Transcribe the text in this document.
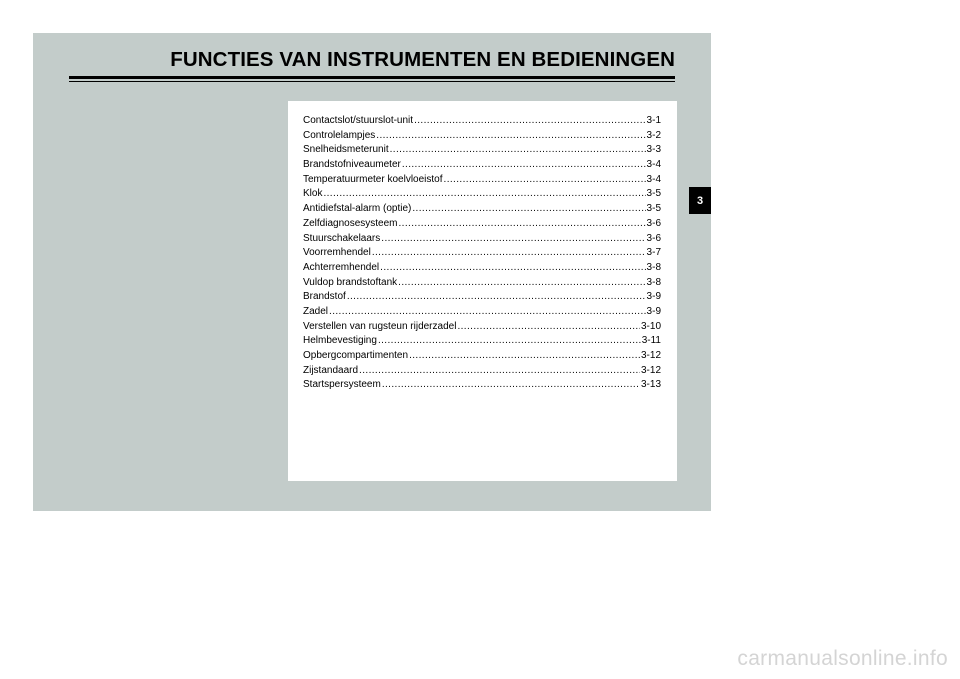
FUNCTIES VAN INSTRUMENTEN EN BEDIENINGEN
Contactslot/stuurslot-unit .....	3-1
Controlelampjes .....	3-2
Snelheidsmeterunit .....	3-3
Brandstofniveaumeter .....	3-4
Temperatuurmeter koelvloeistof .....	3-4
Klok .....	3-5
Antidiefstal-alarm (optie) .....	3-5
Zelfdiagnosesysteem .....	3-6
Stuurschakelaars .....	3-6
Voorremhendel .....	3-7
Achterremhendel .....	3-8
Vuldop brandstoftank .....	3-8
Brandstof .....	3-9
Zadel .....	3-9
Verstellen van rugsteun rijderzadel .....	3-10
Helmbevestiging .....	3-11
Opbergcompartimenten .....	3-12
Zijstandaard .....	3-12
Startspersysteem .....	3-13
3
carmanualsonline.info
